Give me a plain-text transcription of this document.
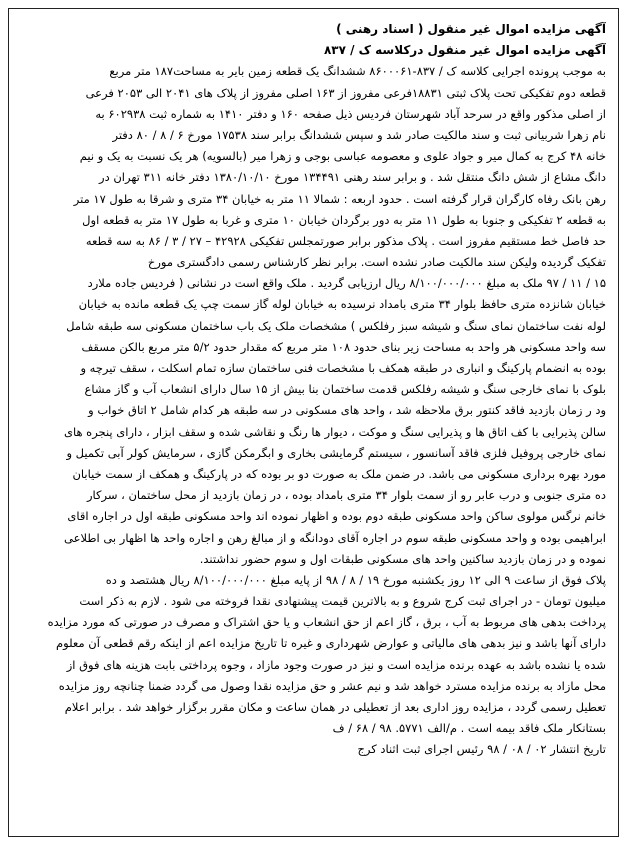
آگهی مزایده اموال غیر منقول ( اسناد رهنی )
آگهی مزایده اموال غیر منقول درکلاسه ک / ۸۳۷
به موجب پرونده اجرایی کلاسه ک / ۸۳۷-۸۶۰۰۰۶۱ ششدانگ یک قطعه زمین بایر به مساحت۱۸۷ متر مربع
قطعه دوم تفکیکی تحت پلاک ثبتی ۱۸۸۳۱فرعی مفروز از ۱۶۳ اصلی مفروز از پلاک های ۲۰۴۱ الی ۲۰۵۳ فرعی
از اصلی مذکور واقع در سرحد آباد شهرستان فردیس ذیل صفحه ۱۶۰ و دفتر ۱۴۱۰ به شماره ثبت ۶۰۲۹۳۸ به
نام زهرا شربیانی ثبت و سند مالکیت صادر شد و سپس ششدانگ برابر سند ۱۷۵۳۸ مورخ ۶ / ۸ / ۸۰ دفتر
خانه ۴۸ کرج به کمال میر و جواد علوی و معصومه عباسی بوجی و زهرا میر (بالسویه) هر یک نسبت به یک و نیم
دانگ مشاع از شش دانگ منتقل شد . و برابر سند رهنی ۱۳۴۴۹۱ مورخ ۱۳۸۰/۱۰/۱۰ دفتر خانه ۳۱۱ تهران در
رهن بانک رفاه کارگران قرار گرفته است . حدود اربعه : شمالا ۱۱ متر به خیابان ۳۴ متری و شرقا به طول ۱۷ متر
به قطعه ۲ تفکیکی و جنوبا به طول ۱۱ متر به دور برگردان خیابان ۱۰ متری و غربا به طول ۱۷ متر به قطعه اول
حد فاصل خط مستقیم مفروز است . پلاک مذکور برابر صورتمجلس تفکیکی ۴۲۹۲۸ – ۲۷ / ۳ / ۸۶ به سه قطعه
تفکیک گردیده ولیکن سند مالکیت صادر نشده است. برابر نظر کارشناس رسمی دادگستری مورخ
۱۵ / ۱۱ / ۹۷ ملک به مبلغ ۸/۱۰۰/۰۰۰/۰۰۰ ریال ارزیابی گردید . ملک واقع است در نشانی ( فردیس جاده ملارد
خیابان شانزده متری حافظ بلوار ۳۴ متری بامداد نرسیده به خیابان لوله گاز سمت چپ یک قطعه مانده به خیابان
لوله نفت ساختمان نمای سنگ و شیشه سبز رفلکس ) مشخصات ملک یک باب ساختمان مسکونی سه طبقه شامل
سه واحد مسکونی هر واحد به مساحت زیر بنای حدود ۱۰۸ متر مربع که مقدار حدود ۵/۲ متر مربع بالکن مسقف
بوده به انضمام پارکینگ و انباری در طبقه همکف با مشخصات فنی ساختمان سازه تمام اسکلت ، سقف تیرچه و
بلوک با نمای خارجی سنگ و شیشه رفلکس قدمت ساختمان بنا بیش از ۱۵ سال دارای انشعاب آب و گاز مشاع
ود ر زمان بازدید فاقد کنتور برق ملاحظه شد ، واحد های مسکونی در سه طبقه هر کدام شامل ۲ اتاق خواب و
سالن پذیرایی با کف اتاق ها و پذیرایی سنگ و موکت ، دیوار ها رنگ و نقاشی شده و سقف ابزار ، دارای پنجره های
نمای خارجی پروفیل فلزی فاقد آسانسور ، سیستم گرمایشی بخاری و ابگرمکن گازی ، سرمایش کولر آبی تکمیل و
مورد بهره برداری مسکونی می باشد. در ضمن ملک به صورت دو بر بوده که در پارکینگ و همکف از سمت خیابان
ده متری جنوبی و درب عابر رو از سمت بلوار ۳۴ متری بامداد بوده ، در زمان بازدید از محل ساختمان ، سرکار
خانم نرگس مولوی ساکن واحد مسکونی طبقه دوم بوده و اظهار نموده اند واحد مسکونی طبقه اول در اجاره اقای
ابراهیمی بوده و واحد مسکونی طبقه سوم در اجاره آقای دودانگه و از مبالغ رهن و اجاره واحد ها اظهار بی اطلاعی
نموده و در زمان بازدید ساکنین واحد های مسکونی طبقات اول و سوم حضور نداشتند.
پلاک فوق از ساعت ۹ الی ۱۲ روز یکشنبه مورخ ۱۹ / ۸ / ۹۸ از پایه مبلغ ۸/۱۰۰/۰۰۰/۰۰۰ ریال هشتصد و ده
میلیون تومان - در اجرای ثبت کرج شروع و به بالاترین قیمت پیشنهادی نقدا فروخته می شود . لازم به ذکر است
پرداخت بدهی های مربوط به آب ، برق ، گاز اعم از حق انشعاب و یا حق اشتراک و مصرف در صورتی که مورد مزایده
دارای آنها باشد و نیز بدهی های مالیاتی و عوارض شهرداری و غیره تا تاریخ مزایده اعم از اینکه رقم قطعی آن معلوم
شده یا نشده باشد به عهده برنده مزایده است و نیز در صورت وجود مازاد ، وجوه پرداختی بابت هزینه های فوق از
محل مازاد به برنده مزایده مسترد خواهد شد و نیم عشر و حق مزایده نقدا وصول می گردد ضمنا چنانچه روز مزایده
تعطیل رسمی گردد ، مزایده روز اداری بعد از تعطیلی در همان ساعت و مکان مقرر برگزار خواهد شد . برابر اعلام
بستانکار ملک فاقد بیمه است . م/الف ۵۷۷۱. ۹۸ / ۶۸ / ف
تاریخ انتشار ۰۲ / ۰۸ / ۹۸ رئیس اجرای ثبت اثناد کرج
